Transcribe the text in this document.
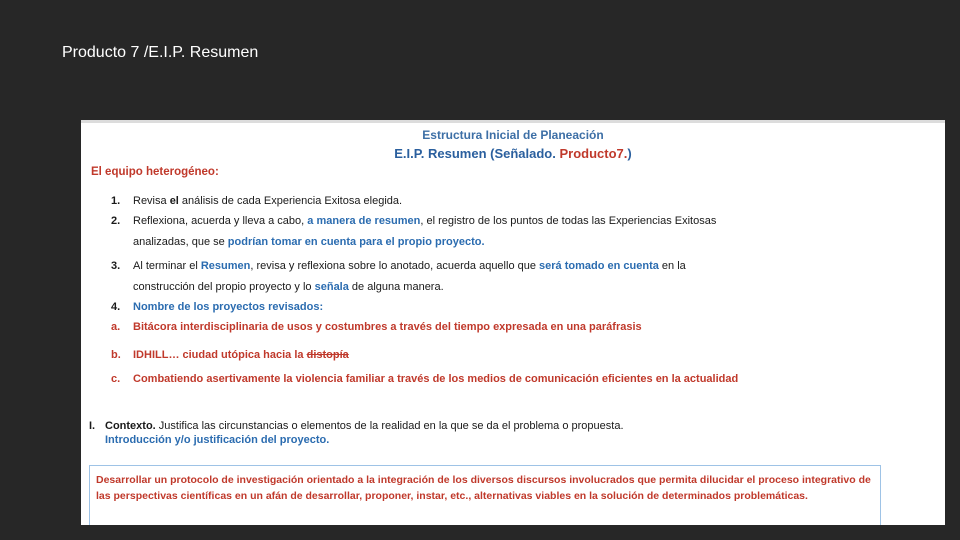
Producto 7 /E.I.P. Resumen
Estructura Inicial de Planeación
E.I.P. Resumen (Señalado. Producto7.)
El equipo heterogéneo:
1. Revisa el análisis de cada Experiencia Exitosa elegida.
2. Reflexiona, acuerda y lleva a cabo, a manera de resumen, el registro de los puntos de todas las Experiencias Exitosas
analizadas, que se podrían tomar en cuenta para el propio proyecto.
3. Al terminar el Resumen, revisa y reflexiona sobre lo anotado, acuerda aquello que será tomado en cuenta en la
construcción del propio proyecto y lo señala de alguna manera.
4. Nombre de los proyectos revisados:
a. Bitácora interdisciplinaria de usos y costumbres a través del tiempo expresada en una paráfrasis
b. IDHILL… ciudad utópica hacia la distopía
c. Combatiendo asertivamente la violencia familiar a través de los medios de comunicación eficientes en la actualidad
I. Contexto. Justifica las circunstancias o elementos de la realidad en la que se da el problema o propuesta.
Introducción y/o justificación del proyecto.
Desarrollar un protocolo de investigación orientado a la integración de los diversos discursos involucrados que permita dilucidar el proceso integrativo de las perspectivas científicas en un afán de desarrollar, proponer, instar, etc., alternativas viables en la solución de determinados problemáticas.
